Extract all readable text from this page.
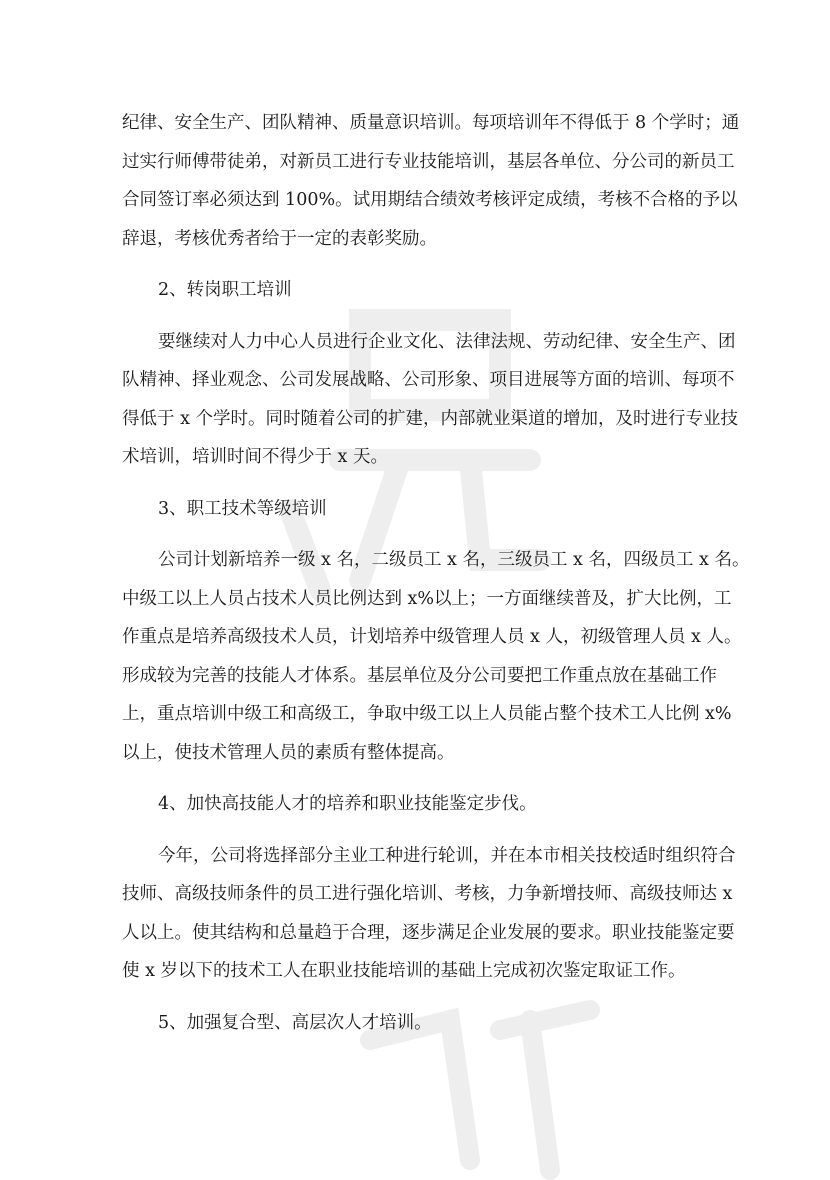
纪律、安全生产、团队精神、质量意识培训。每项培训年不得低于 8 个学时；通
过实行师傅带徒弟，对新员工进行专业技能培训，基层各单位、分公司的新员工
合同签订率必须达到 100%。试用期结合绩效考核评定成绩，考核不合格的予以
辞退，考核优秀者给于一定的表彰奖励。
2、转岗职工培训
要继续对人力中心人员进行企业文化、法律法规、劳动纪律、安全生产、团
队精神、择业观念、公司发展战略、公司形象、项目进展等方面的培训、每项不
得低于 x 个学时。同时随着公司的扩建，内部就业渠道的增加，及时进行专业技
术培训，培训时间不得少于 x 天。
3、职工技术等级培训
公司计划新培养一级 x 名，二级员工 x 名，三级员工 x 名，四级员工 x 名。
中级工以上人员占技术人员比例达到 x%以上；一方面继续普及，扩大比例，工
作重点是培养高级技术人员，计划培养中级管理人员 x 人，初级管理人员 x 人。
形成较为完善的技能人才体系。基层单位及分公司要把工作重点放在基础工作
上，重点培训中级工和高级工，争取中级工以上人员能占整个技术工人比例 x%
以上，使技术管理人员的素质有整体提高。
4、加快高技能人才的培养和职业技能鉴定步伐。
今年，公司将选择部分主业工种进行轮训，并在本市相关技校适时组织符合
技师、高级技师条件的员工进行强化培训、考核，力争新增技师、高级技师达 x
人以上。使其结构和总量趋于合理，逐步满足企业发展的要求。职业技能鉴定要
使 x 岁以下的技术工人在职业技能培训的基础上完成初次鉴定取证工作。
5、加强复合型、高层次人才培训。
